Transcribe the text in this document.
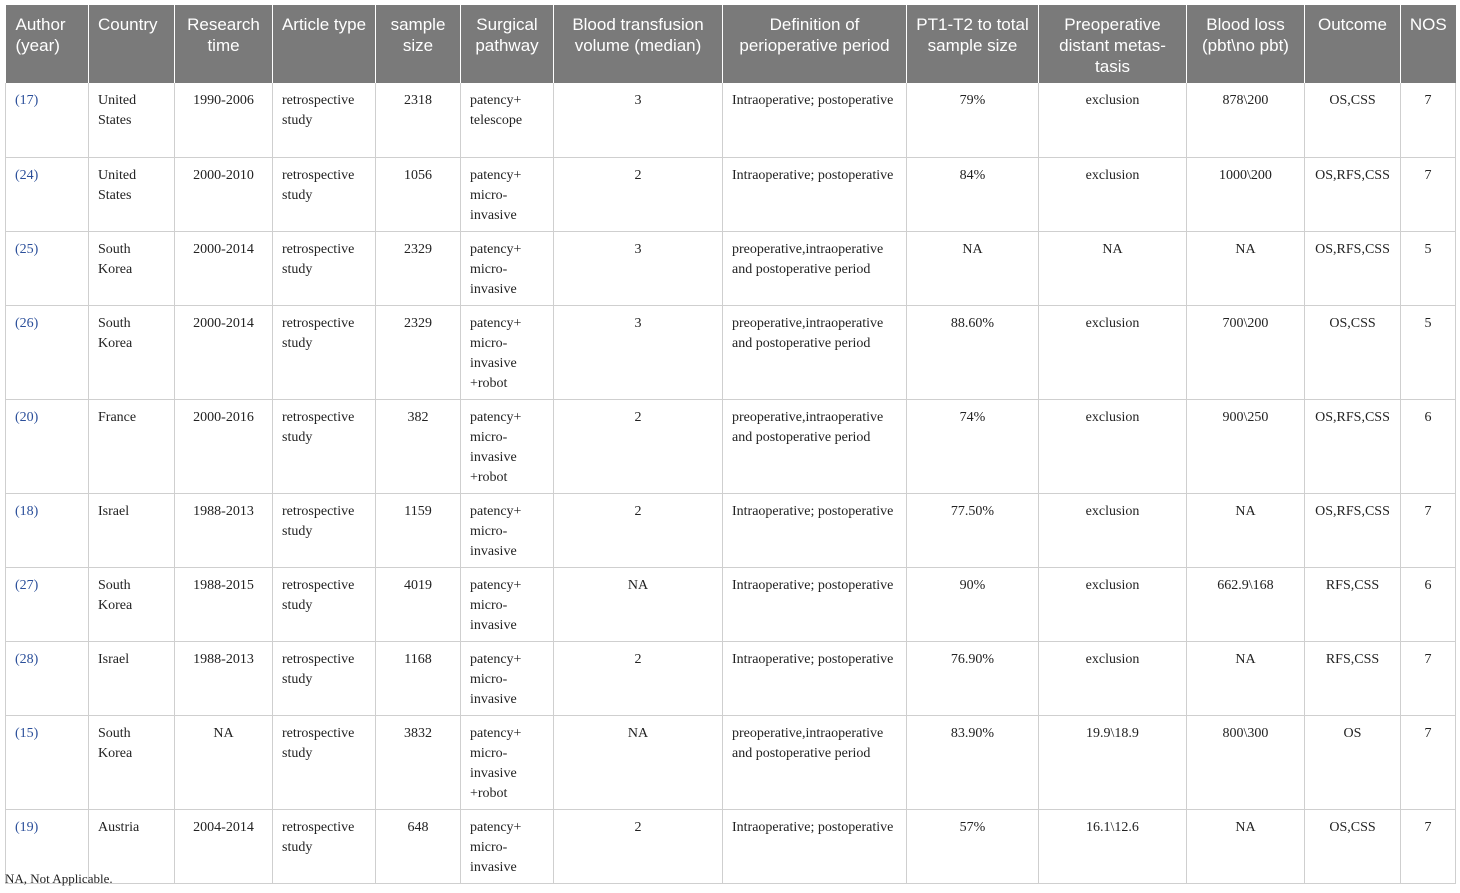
Author (year)	Country	Research time	Article type	sample size	Surgical pathway	Blood transfusion volume (median)	Definition of perioperative period	PT1-T2 to total sample size	Preoperative distant metas-tasis	Blood loss (pbt\no pbt)	Outcome	NOS
(17)	United States	1990-2006	retrospective study	2318	patency+ telescope	3	Intraoperative; postoperative	79%	exclusion	878\200	OS,CSS	7
(24)	United States	2000-2010	retrospective study	1056	patency+ micro-invasive	2	Intraoperative; postoperative	84%	exclusion	1000\200	OS,RFS,CSS	7
(25)	South Korea	2000-2014	retrospective study	2329	patency+ micro-invasive	3	preoperative,intraoperative and postoperative period	NA	NA	NA	OS,RFS,CSS	5
(26)	South Korea	2000-2014	retrospective study	2329	patency+ micro-invasive +robot	3	preoperative,intraoperative and postoperative period	88.60%	exclusion	700\200	OS,CSS	5
(20)	France	2000-2016	retrospective study	382	patency+ micro-invasive +robot	2	preoperative,intraoperative and postoperative period	74%	exclusion	900\250	OS,RFS,CSS	6
(18)	Israel	1988-2013	retrospective study	1159	patency+ micro-invasive	2	Intraoperative; postoperative	77.50%	exclusion	NA	OS,RFS,CSS	7
(27)	South Korea	1988-2015	retrospective study	4019	patency+ micro-invasive	NA	Intraoperative; postoperative	90%	exclusion	662.9\168	RFS,CSS	6
(28)	Israel	1988-2013	retrospective study	1168	patency+ micro-invasive	2	Intraoperative; postoperative	76.90%	exclusion	NA	RFS,CSS	7
(15)	South Korea	NA	retrospective study	3832	patency+ micro-invasive +robot	NA	preoperative,intraoperative and postoperative period	83.90%	19.9\18.9	800\300	OS	7
(19)	Austria	2004-2014	retrospective study	648	patency+ micro-invasive	2	Intraoperative; postoperative	57%	16.1\12.6	NA	OS,CSS	7
NA, Not Applicable.
